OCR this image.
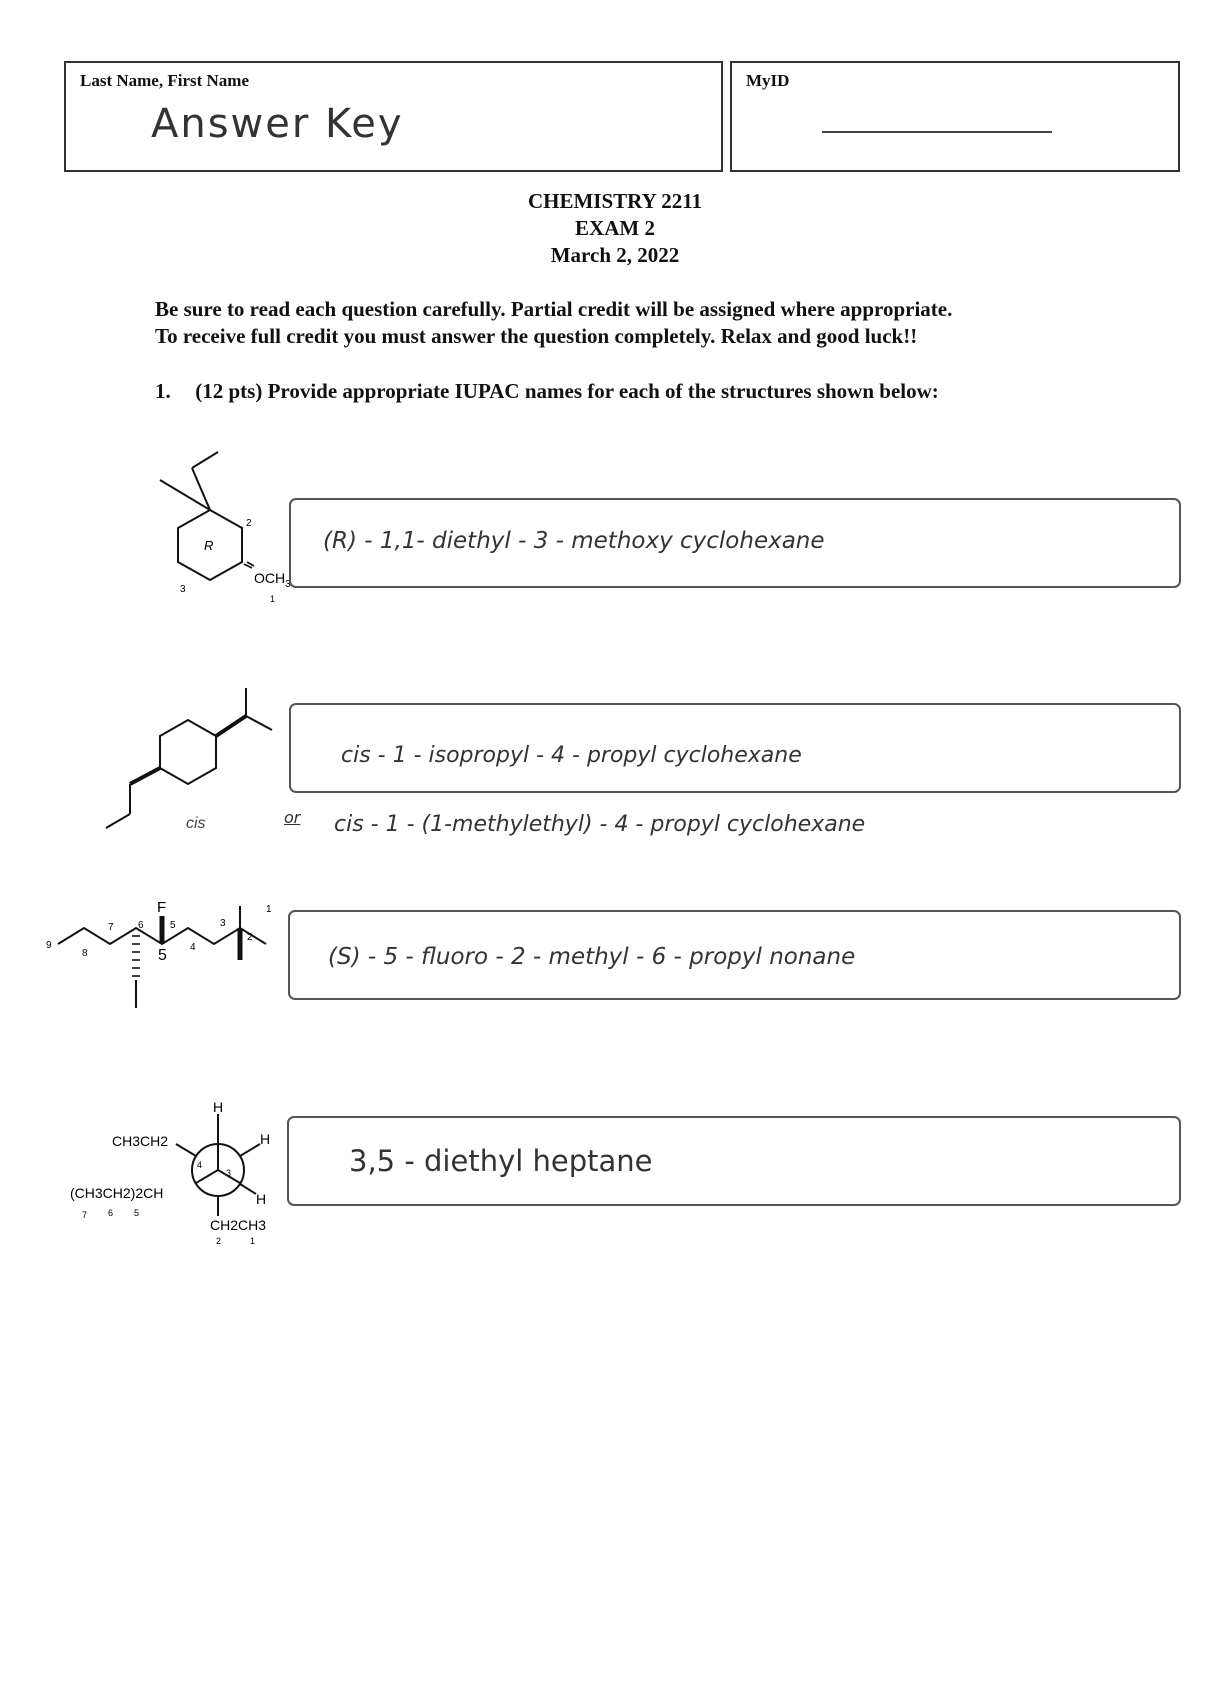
Last Name, First Name
Answer Key
MyID
CHEMISTRY 2211
EXAM 2
March 2, 2022
Be sure to read each question carefully. Partial credit will be assigned where appropriate.
To receive full credit you must answer the question completely. Relax and good luck!!
1. (12 pts) Provide appropriate IUPAC names for each of the structures shown below:
$OCH_3$
R
2
3
1
(R) - 1,1- diethyl - 3 - methoxy cyclohexane
cis
cis - 1 - isopropyl - 4 - propyl cyclohexane
or cis - 1 - (1-methylethyl) - 4 - propyl cyclohexane
F	1
2
3
4
5
5
6
7
8
9	(S) - 5 - fluoro - 2 - methyl - 6 - propyl nonane
H
H
H
CH3CH2
(CH3CH2)2CH
CH2CH3
4
3
7 6 5
2	1
3,5 - diethyl heptane
